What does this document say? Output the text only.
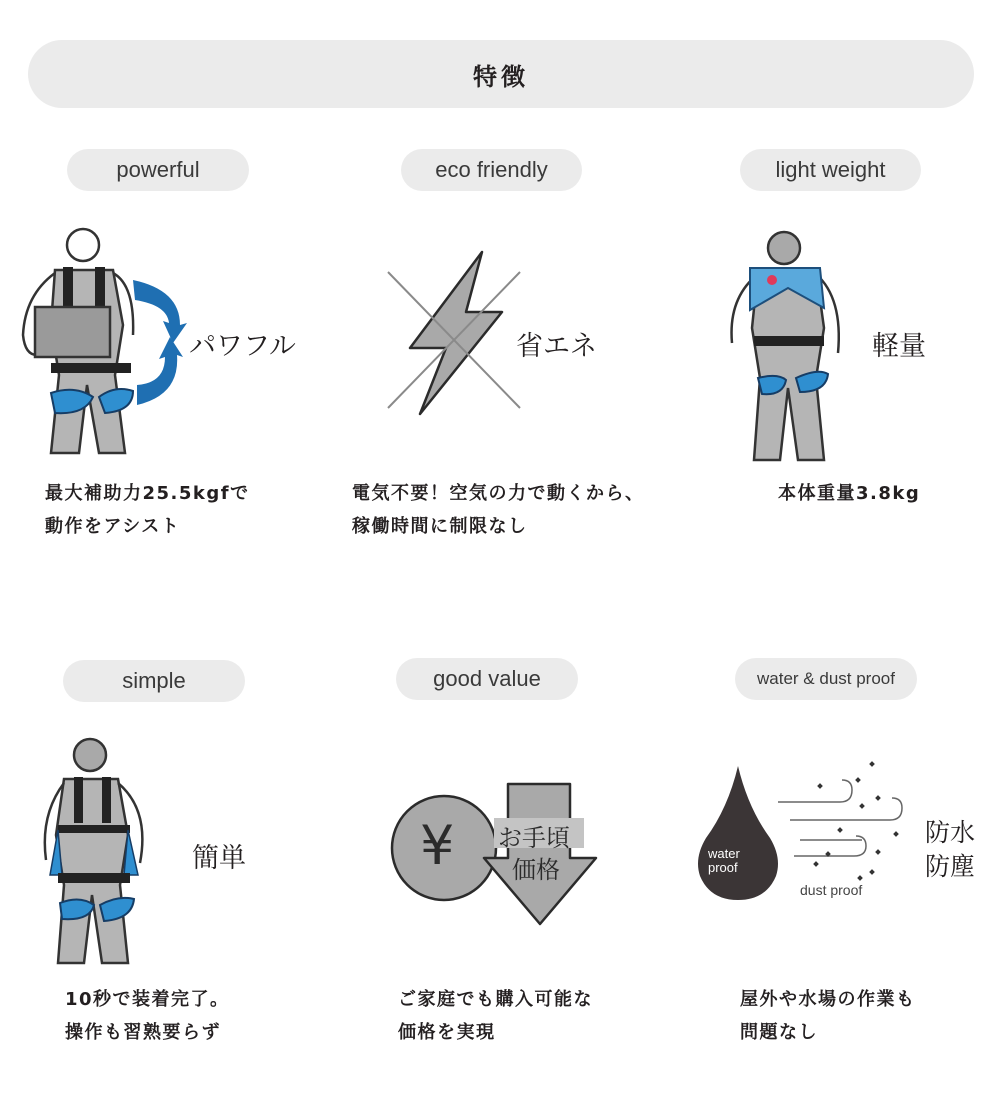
特徴
powerful
パワフル
最大補助力25.5kgfで
動作をアシスト
eco friendly
省エネ
電気不要！空気の力で動くから、
稼働時間に制限なし
light weight
軽量
本体重量3.8kg
simple
簡単
10秒で装着完了。
操作も習熟要らず
good value
¥ お手頃
価格
ご家庭でも購入可能な
価格を実現
water & dust proof
water
proof
dust proof
防水
防塵
屋外や水場の作業も
問題なし
